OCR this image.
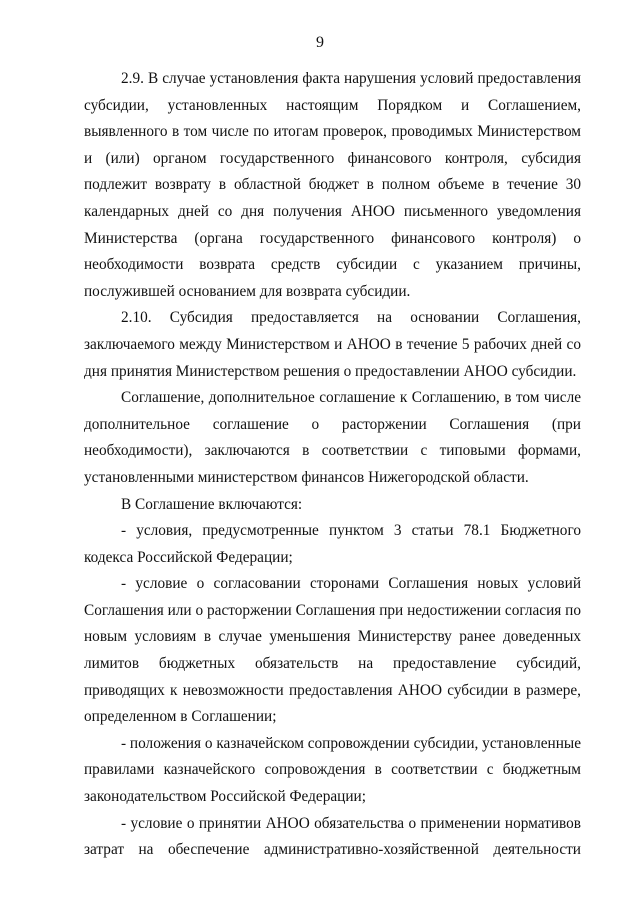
9

2.9. В случае установления факта нарушения условий предоставления субсидии, установленных настоящим Порядком и Соглашением, выявленного в том числе по итогам проверок, проводимых Министерством и (или) органом государственного финансового контроля, субсидия подлежит возврату в областной бюджет в полном объеме в течение 30 календарных дней со дня получения АНОО письменного уведомления Министерства (органа государственного финансового контроля) о необходимости возврата средств субсидии с указанием причины, послужившей основанием для возврата субсидии.

2.10. Субсидия предоставляется на основании Соглашения, заключаемого между Министерством и АНОО в течение 5 рабочих дней со дня принятия Министерством решения о предоставлении АНОО субсидии.

Соглашение, дополнительное соглашение к Соглашению, в том числе дополнительное соглашение о расторжении Соглашения (при необходимости), заключаются в соответствии с типовыми формами, установленными министерством финансов Нижегородской области.

В Соглашение включаются:

- условия, предусмотренные пунктом 3 статьи 78.1 Бюджетного кодекса Российской Федерации;

- условие о согласовании сторонами Соглашения новых условий Соглашения или о расторжении Соглашения при недостижении согласия по новым условиям в случае уменьшения Министерству ранее доведенных лимитов бюджетных обязательств на предоставление субсидий, приводящих к невозможности предоставления АНОО субсидии в размере, определенном в Соглашении;

- положения о казначейском сопровождении субсидии, установленные правилами казначейского сопровождения в соответствии с бюджетным законодательством Российской Федерации;

- условие о принятии АНОО обязательства о применении нормативов затрат на обеспечение административно-хозяйственной деятельности
